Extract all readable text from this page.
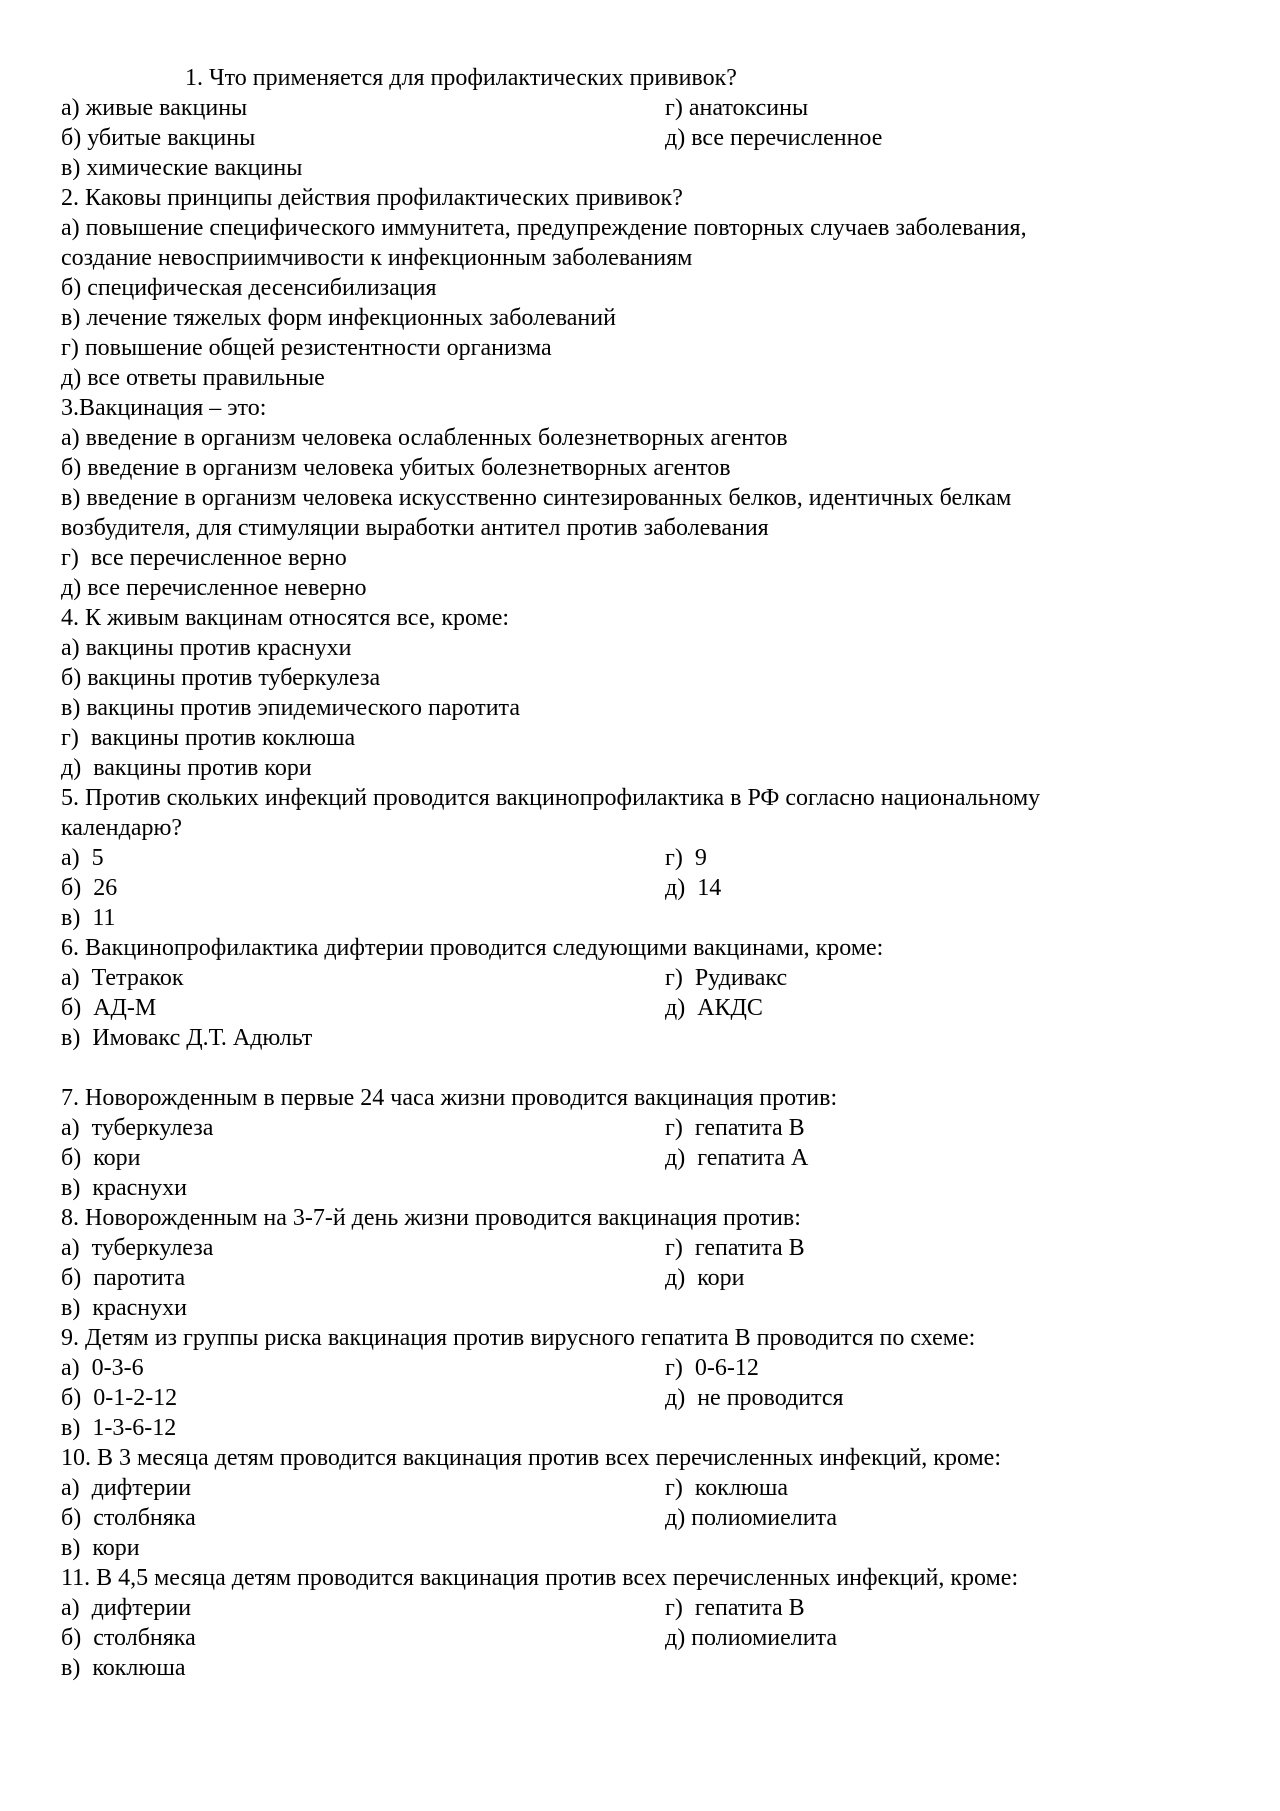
1. Что применяется для профилактических прививок?

а) живые вакцины	г) анатоксины
б) убитые вакцины	д) все перечисленное

в) химические вакцины

2. Каковы принципы действия профилактических прививок?

а) повышение специфического иммунитета, предупреждение повторных случаев заболевания,

создание невосприимчивости к инфекционным заболеваниям

б) специфическая десенсибилизация

в) лечение тяжелых форм инфекционных заболеваний

г) повышение общей резистентности организма

д) все ответы правильные

3.Вакцинация – это:

а) введение в организм человека ослабленных болезнетворных агентов

б) введение в организм человека убитых болезнетворных агентов

в) введение в организм человека искусственно синтезированных белков, идентичных белкам

возбудителя, для стимуляции выработки антител против заболевания

г)  все перечисленное верно

д) все перечисленное неверно

4. К живым вакцинам относятся все, кроме:

а) вакцины против краснухи

б) вакцины против туберкулеза

в) вакцины против эпидемического паротита

г)  вакцины против коклюша

д)  вакцины против кори

5. Против скольких инфекций проводится вакцинопрофилактика в РФ согласно национальному

календарю?

а)  5	г)  9
б)  26	д)  14

в)  11

6. Вакцинопрофилактика дифтерии проводится следующими вакцинами, кроме:

а)  Тетракок	г)  Рудивакс
б)  АД-М	д)  АКДС

в)  Имовакс Д.Т. Адюльт

7. Новорожденным в первые 24 часа жизни проводится вакцинация против:

а)  туберкулеза	г)  гепатита В
б)  кори	д)  гепатита А

в)  краснухи

8. Новорожденным на 3-7-й день жизни проводится вакцинация против:

а)  туберкулеза	г)  гепатита В
б)  паротита	д)  кори

в)  краснухи

9. Детям из группы риска вакцинация против вирусного гепатита В проводится по схеме:

а)  0-3-6	г)  0-6-12
б)  0-1-2-12	д)  не проводится

в)  1-3-6-12

10. В 3 месяца детям проводится вакцинация против всех перечисленных инфекций, кроме:

а)  дифтерии	г)  коклюша
б)  столбняка	д) полиомиелита

в)  кори

11. В 4,5 месяца детям проводится вакцинация против всех перечисленных инфекций, кроме:

а)  дифтерии	г)  гепатита В
б)  столбняка	д) полиомиелита

в)  коклюша
